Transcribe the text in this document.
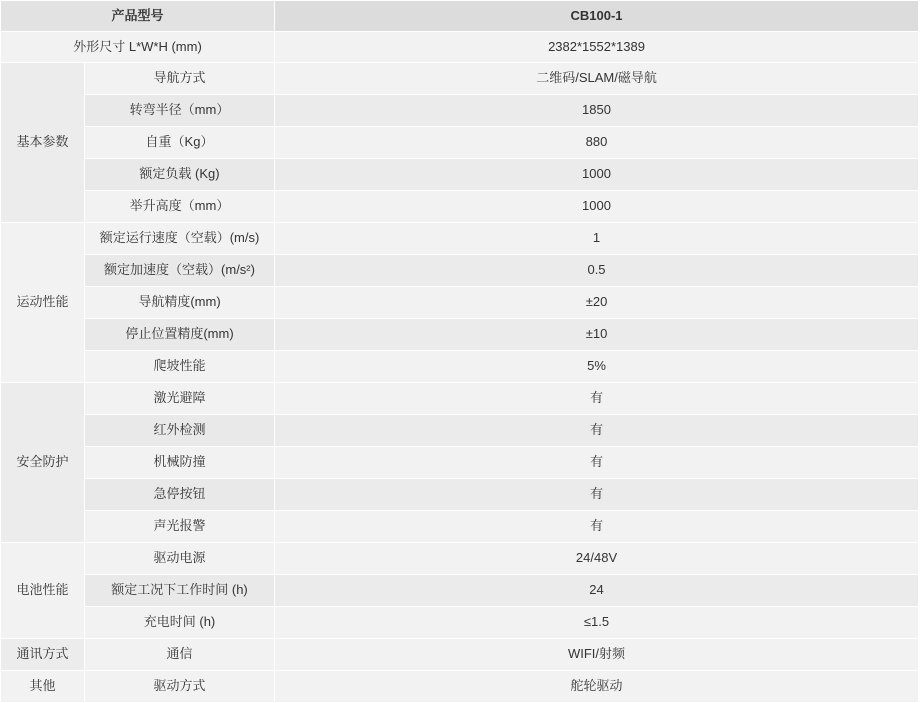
产品型号		CB100-1
外形尺寸 L*W*H (mm)		2382*1552*1389
基本参数	导航方式	二维码/SLAM/磁导航
	转弯半径（mm）	1850
	自重（Kg）	880
	额定负载 (Kg)	1000
	举升高度（mm）	1000
运动性能	额定运行速度（空载）(m/s)	1
	额定加速度（空载）(m/s²)	0.5
	导航精度(mm)	±20
	停止位置精度(mm)	±10
	爬坡性能	5%
安全防护	激光避障	有
	红外检测	有
	机械防撞	有
	急停按钮	有
	声光报警	有
电池性能	驱动电源	24/48V
	额定工况下工作时间 (h)	24
	充电时间 (h)	≤1.5
通讯方式	通信	WIFI/射频
其他	驱动方式	舵轮驱动
